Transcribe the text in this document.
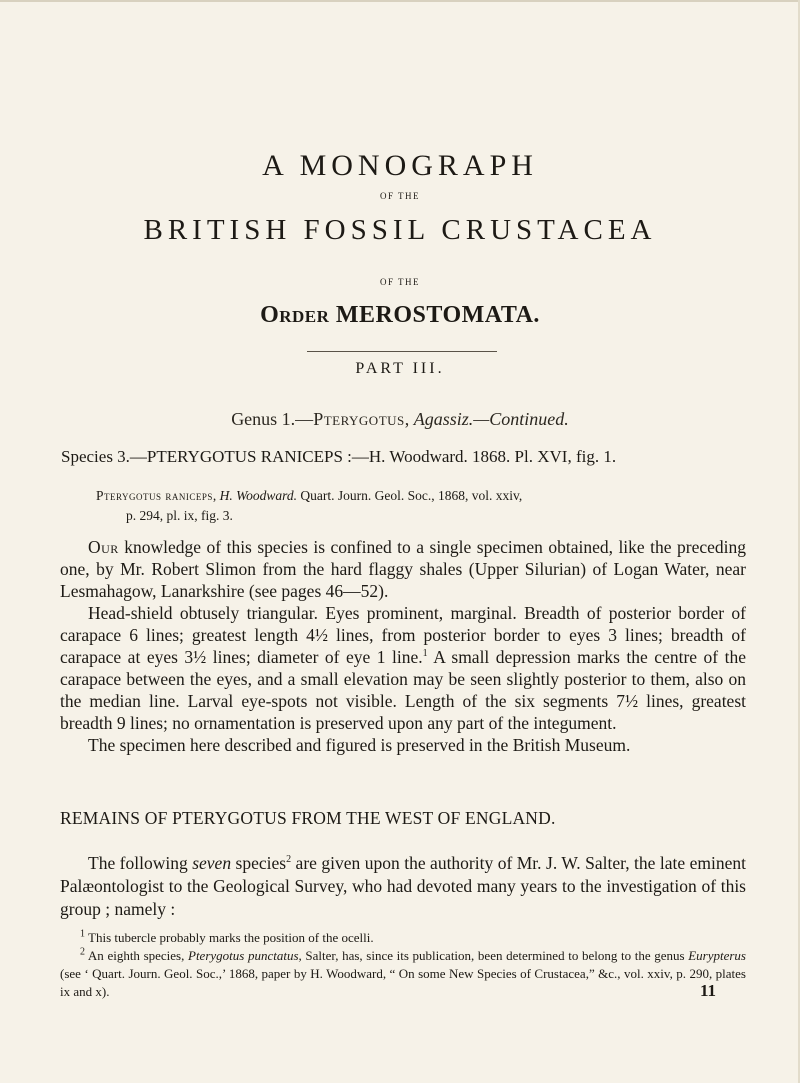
A MONOGRAPH
OF THE
BRITISH FOSSIL CRUSTACEA
OF THE
Order MEROSTOMATA.
PART III.
Genus 1.—Pterygotus, Agassiz.—Continued.
Species 3.—PTERYGOTUS RANICEPS :—H. Woodward. 1868. Pl. XVI, fig. 1.
Pterygotus raniceps, H. Woodward. Quart. Journ. Geol. Soc., 1868, vol. xxiv,
p. 294, pl. ix, fig. 3.
Our knowledge of this species is confined to a single specimen obtained, like the preceding one, by Mr. Robert Slimon from the hard flaggy shales (Upper Silurian) of Logan Water, near Lesmahagow, Lanarkshire (see pages 46—52).
Head-shield obtusely triangular. Eyes prominent, marginal. Breadth of posterior border of carapace 6 lines; greatest length 4½ lines, from posterior border to eyes 3 lines; breadth of carapace at eyes 3½ lines; diameter of eye 1 line.$^1$ A small depression marks the centre of the carapace between the eyes, and a small elevation may be seen slightly posterior to them, also on the median line. Larval eye-spots not visible. Length of the six segments 7½ lines, greatest breadth 9 lines; no ornamentation is preserved upon any part of the integument.
The specimen here described and figured is preserved in the British Museum.
REMAINS OF PTERYGOTUS FROM THE WEST OF ENGLAND.
The following seven species$^2$ are given upon the authority of Mr. J. W. Salter, the late eminent Palæontologist to the Geological Survey, who had devoted many years to the investigation of this group ; namely :
$^1$ This tubercle probably marks the position of the ocelli.
$^2$ An eighth species, Pterygotus punctatus, Salter, has, since its publication, been determined to belong to the genus Eurypterus (see ‘ Quart. Journ. Geol. Soc.,’ 1868, paper by H. Woodward, “ On some New Species of Crustacea,” &c., vol. xxiv, p. 290, plates ix and x).	11
